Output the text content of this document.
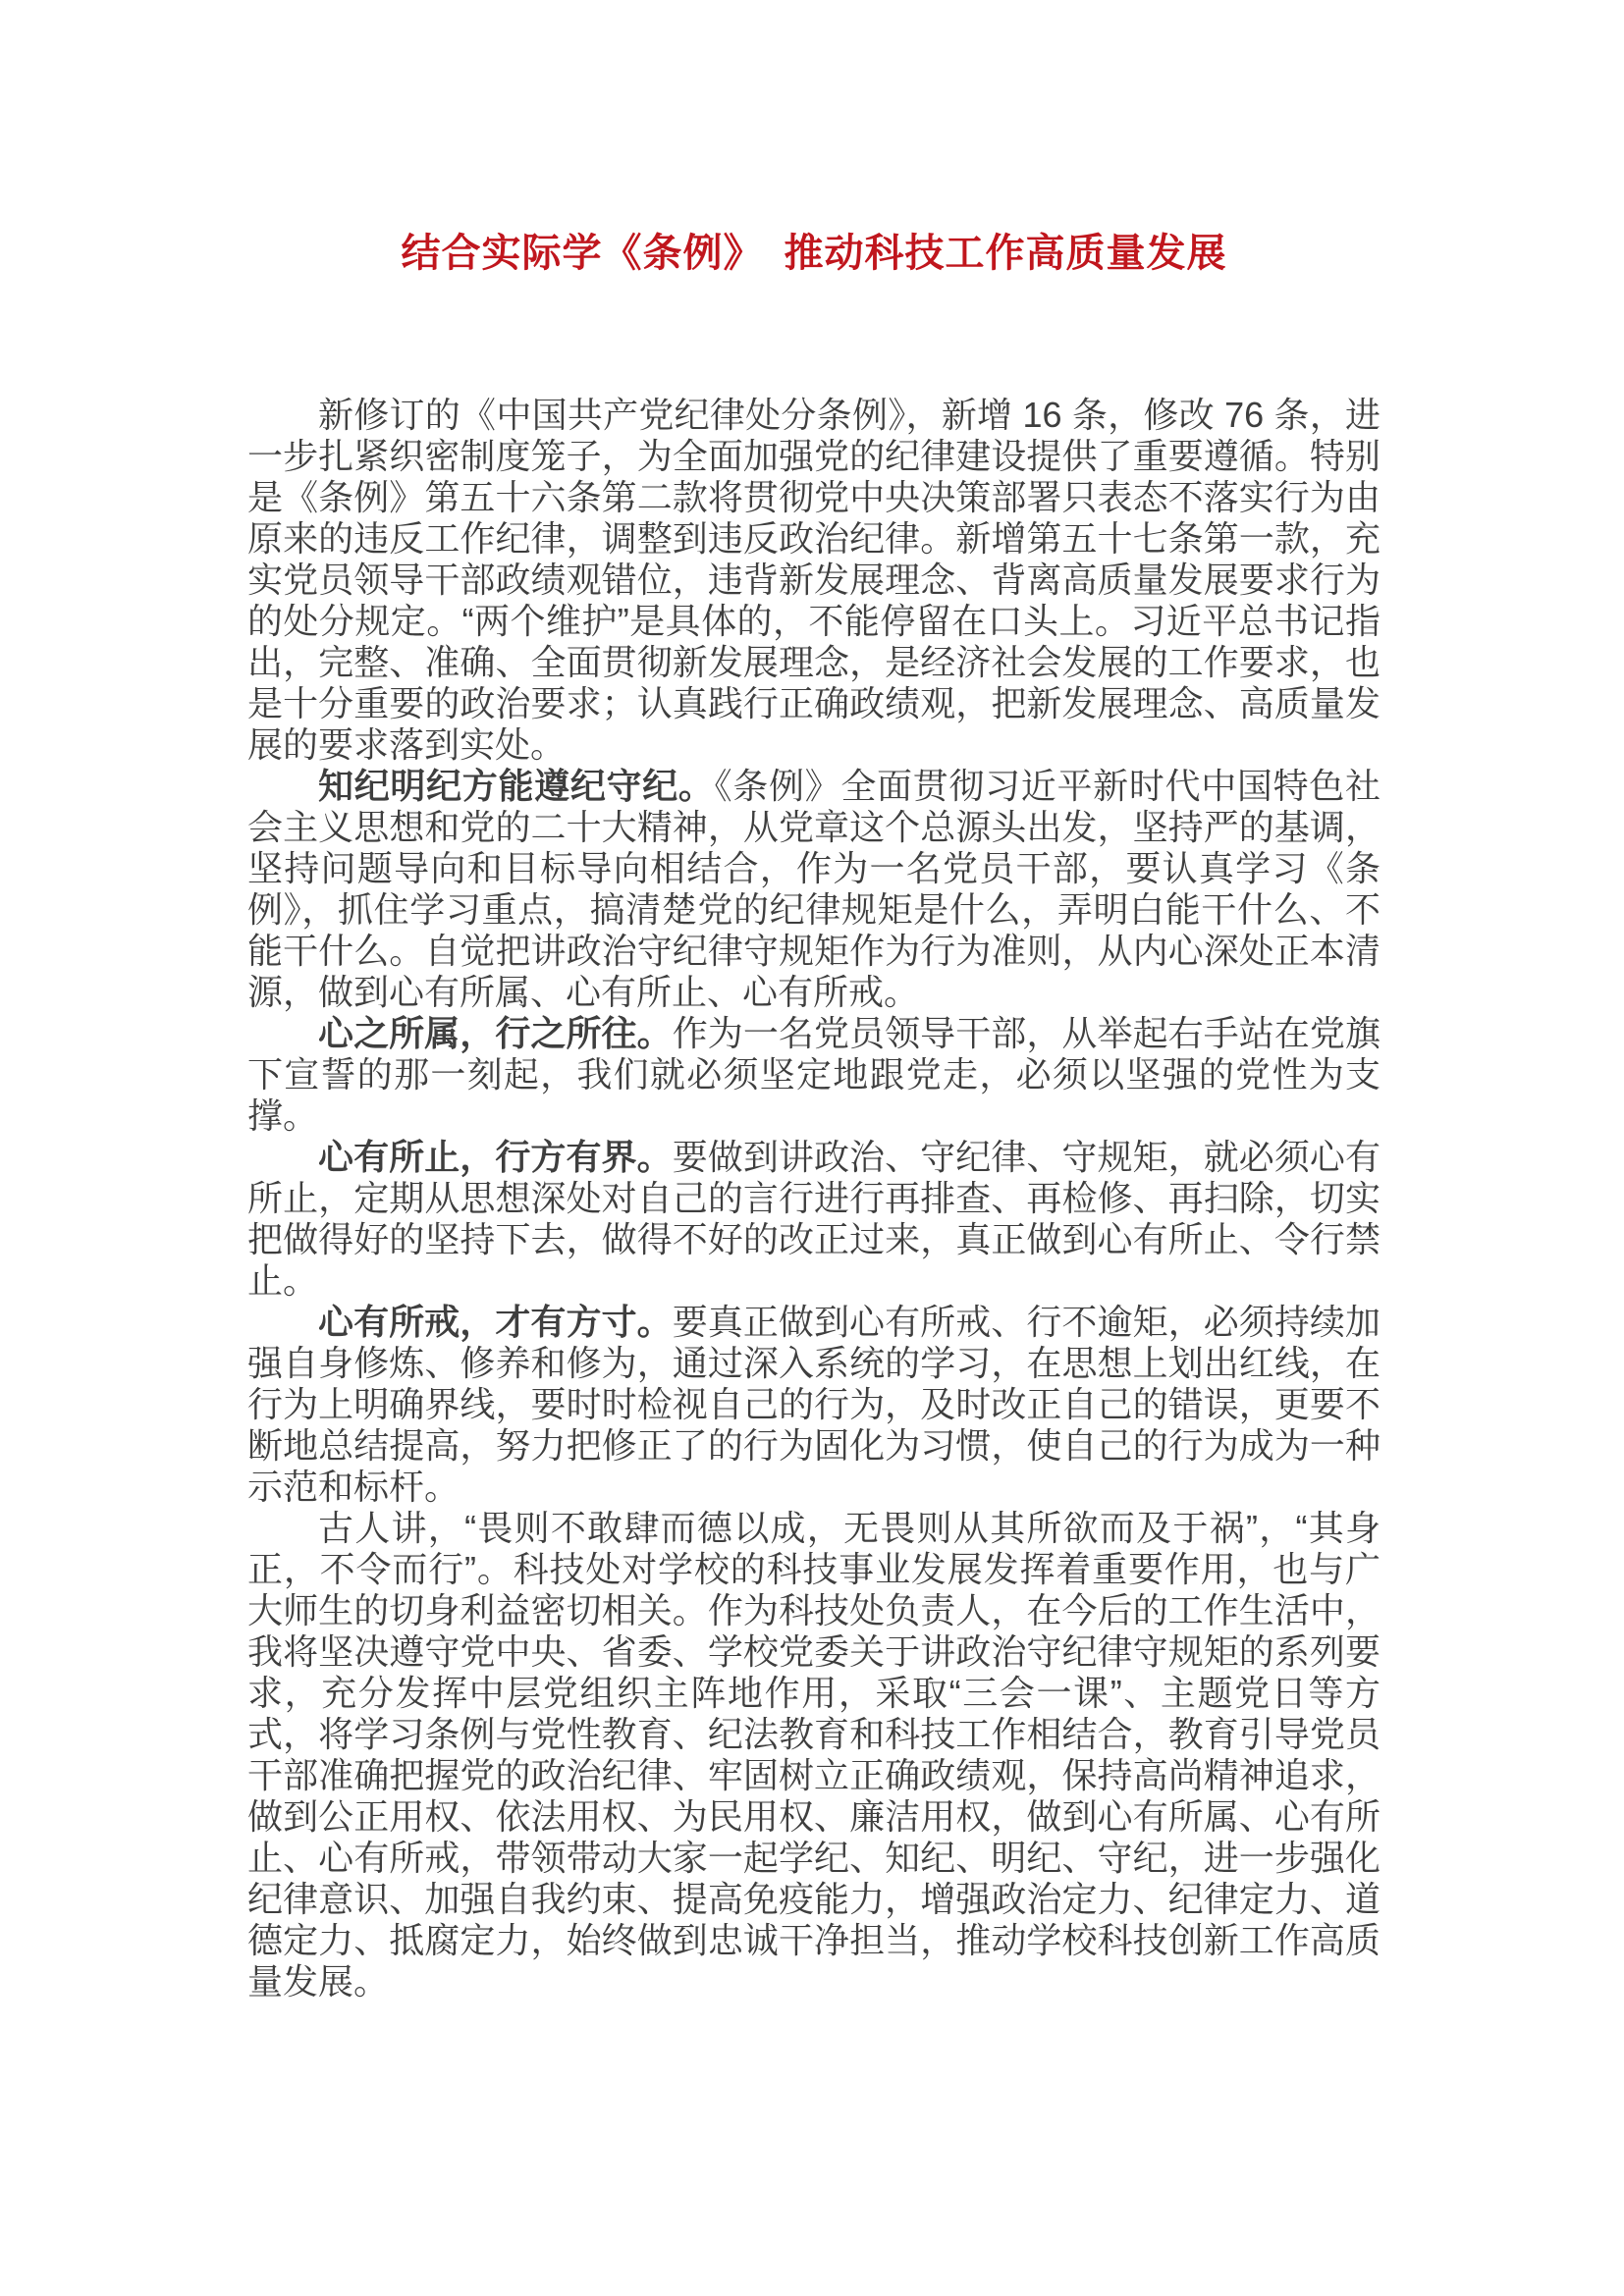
结合实际学《条例》　推动科技工作高质量发展

新修订的《中国共产党纪律处分条例》，新增 16 条，修改 76 条，进一步扎紧织密制度笼子，为全面加强党的纪律建设提供了重要遵循。特别是《条例》第五十六条第二款将贯彻党中央决策部署只表态不落实行为由原来的违反工作纪律，调整到违反政治纪律。新增第五十七条第一款，充实党员领导干部政绩观错位，违背新发展理念、背离高质量发展要求行为的处分规定。“两个维护”是具体的，不能停留在口头上。习近平总书记指出，完整、准确、全面贯彻新发展理念，是经济社会发展的工作要求，也是十分重要的政治要求；认真践行正确政绩观，把新发展理念、高质量发展的要求落到实处。

知纪明纪方能遵纪守纪。《条例》全面贯彻习近平新时代中国特色社会主义思想和党的二十大精神，从党章这个总源头出发，坚持严的基调，坚持问题导向和目标导向相结合，作为一名党员干部，要认真学习《条例》，抓住学习重点，搞清楚党的纪律规矩是什么，弄明白能干什么、不能干什么。自觉把讲政治守纪律守规矩作为行为准则，从内心深处正本清源，做到心有所属、心有所止、心有所戒。

心之所属，行之所往。作为一名党员领导干部，从举起右手站在党旗下宣誓的那一刻起，我们就必须坚定地跟党走，必须以坚强的党性为支撑。

心有所止，行方有界。要做到讲政治、守纪律、守规矩，就必须心有所止，定期从思想深处对自己的言行进行再排查、再检修、再扫除，切实把做得好的坚持下去，做得不好的改正过来，真正做到心有所止、令行禁止。

心有所戒，才有方寸。要真正做到心有所戒、行不逾矩，必须持续加强自身修炼、修养和修为，通过深入系统的学习，在思想上划出红线，在行为上明确界线，要时时检视自己的行为，及时改正自己的错误，更要不断地总结提高，努力把修正了的行为固化为习惯，使自己的行为成为一种示范和标杆。

古人讲，“畏则不敢肆而德以成，无畏则从其所欲而及于祸”，“其身正，不令而行”。科技处对学校的科技事业发展发挥着重要作用，也与广大师生的切身利益密切相关。作为科技处负责人，在今后的工作生活中，我将坚决遵守党中央、省委、学校党委关于讲政治守纪律守规矩的系列要求，充分发挥中层党组织主阵地作用，采取“三会一课”、主题党日等方式，将学习条例与党性教育、纪法教育和科技工作相结合，教育引导党员干部准确把握党的政治纪律、牢固树立正确政绩观，保持高尚精神追求，做到公正用权、依法用权、为民用权、廉洁用权，做到心有所属、心有所止、心有所戒，带领带动大家一起学纪、知纪、明纪、守纪，进一步强化纪律意识、加强自我约束、提高免疫能力，增强政治定力、纪律定力、道德定力、抵腐定力，始终做到忠诚干净担当，推动学校科技创新工作高质量发展。
